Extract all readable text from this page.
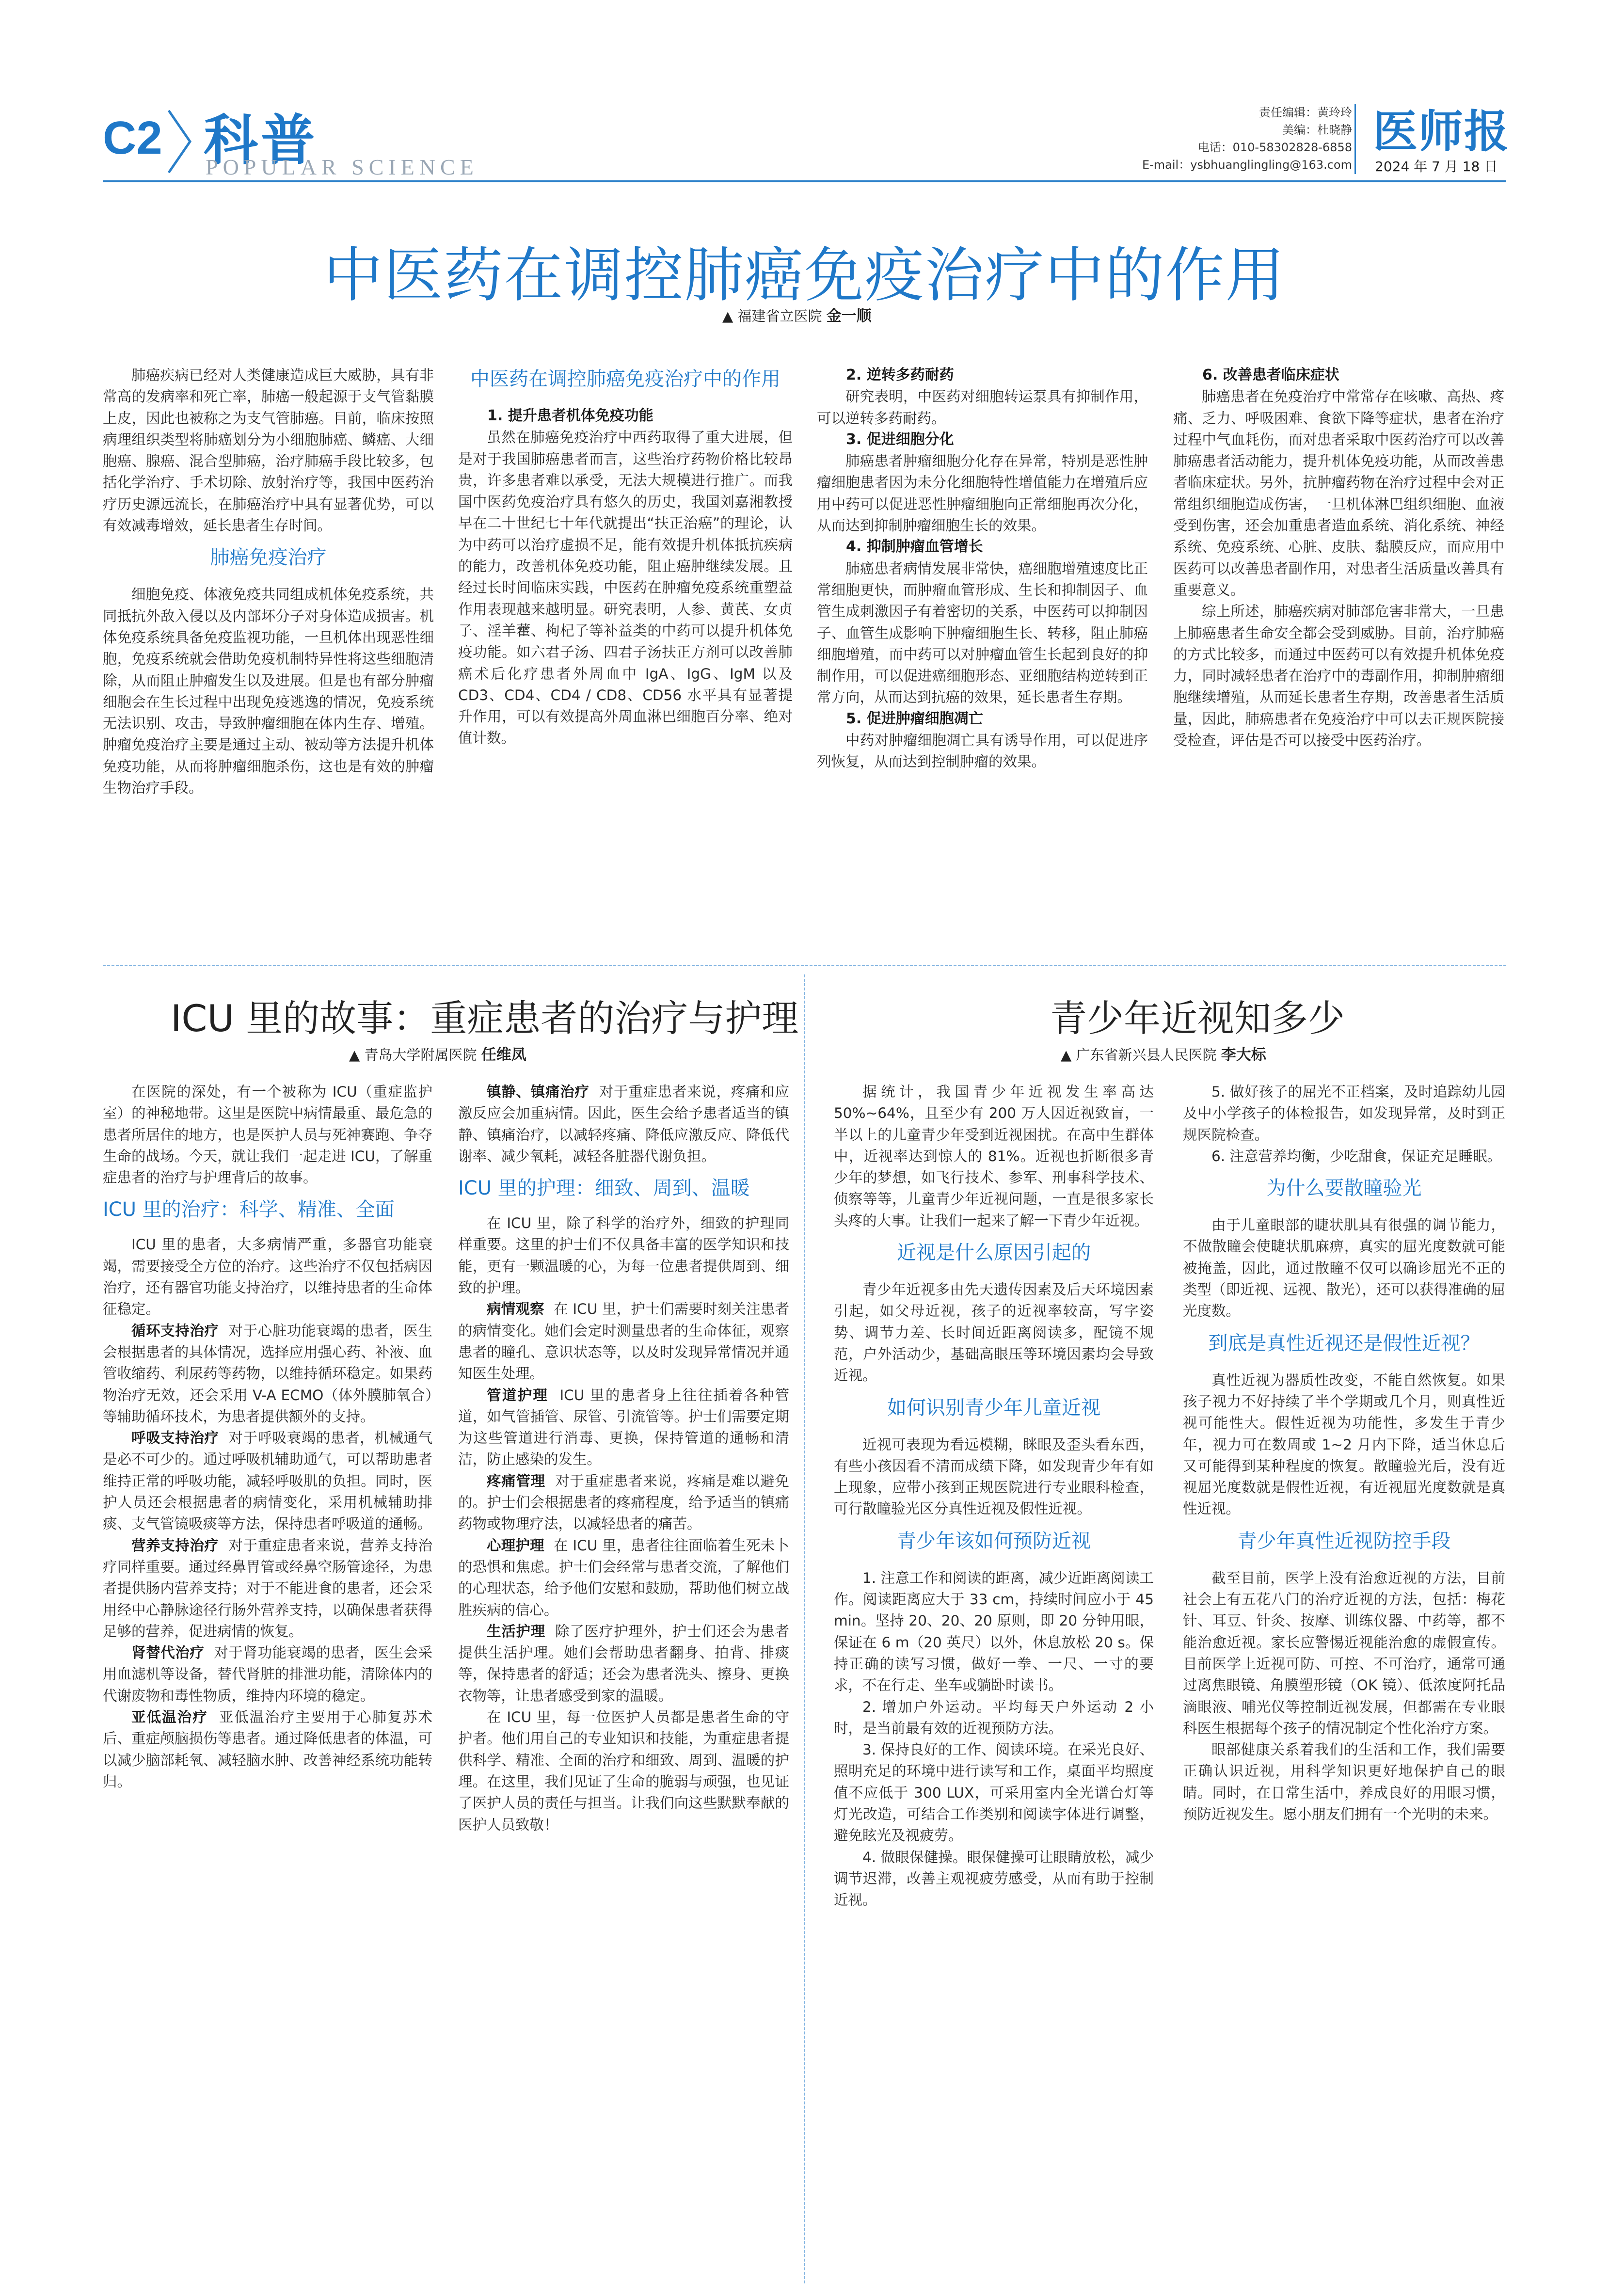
C2 科普
POPULAR SCIENCE
责任编辑：黄玲玲
美编：杜晓静
电话：010-58302828-6858
E-mail：ysbhuanglingling@163.com
医师报
2024 年 7 月 18 日
中医药在调控肺癌免疫治疗中的作用
▲ 福建省立医院 金一顺

肺癌疾病已经对人类健康造成巨大威胁，具有非常高的发病率和死亡率，肺癌一般起源于支气管黏膜上皮，因此也被称之为支气管肺癌。目前，临床按照病理组织类型将肺癌划分为小细胞肺癌、鳞癌、大细胞癌、腺癌、混合型肺癌，治疗肺癌手段比较多，包括化学治疗、手术切除、放射治疗等，我国中医药治疗历史源远流长，在肺癌治疗中具有显著优势，可以有效减毒增效，延长患者生存时间。

肺癌免疫治疗

细胞免疫、体液免疫共同组成机体免疫系统，共同抵抗外敌入侵以及内部坏分子对身体造成损害。机体免疫系统具备免疫监视功能，一旦机体出现恶性细胞，免疫系统就会借助免疫机制特异性将这些细胞清除，从而阻止肿瘤发生以及进展。但是也有部分肿瘤细胞会在生长过程中出现免疫逃逸的情况，免疫系统无法识别、攻击，导致肿瘤细胞在体内生存、增殖。肿瘤免疫治疗主要是通过主动、被动等方法提升机体免疫功能，从而将肿瘤细胞杀伤，这也是有效的肿瘤生物治疗手段。

中医药在调控肺癌免疫治疗中的作用
1. 提升患者机体免疫功能

虽然在肺癌免疫治疗中西药取得了重大进展，但是对于我国肺癌患者而言，这些治疗药物价格比较昂贵，许多患者难以承受，无法大规模进行推广。而我国中医药免疫治疗具有悠久的历史，我国刘嘉湘教授早在二十世纪七十年代就提出“扶正治癌”的理论，认为中药可以治疗虚损不足，能有效提升机体抵抗疾病的能力，改善机体免疫功能，阻止癌肿继续发展。且经过长时间临床实践，中医药在肿瘤免疫系统重塑益作用表现越来越明显。研究表明，人参、黄芪、女贞子、淫羊藿、枸杞子等补益类的中药可以提升机体免疫功能。如六君子汤、四君子汤扶正方剂可以改善肺癌术后化疗患者外周血中 IgA、IgG、IgM 以及 CD3、CD4、CD4 / CD8、CD56 水平具有显著提升作用，可以有效提高外周血淋巴细胞百分率、绝对值计数。

2. 逆转多药耐药

研究表明，中医药对细胞转运泵具有抑制作用，可以逆转多药耐药。

3. 促进细胞分化

肺癌患者肿瘤细胞分化存在异常，特别是恶性肿瘤细胞患者因为未分化细胞特性增值能力在增殖后应用中药可以促进恶性肿瘤细胞向正常细胞再次分化，从而达到抑制肿瘤细胞生长的效果。

4. 抑制肿瘤血管增长

肺癌患者病情发展非常快，癌细胞增殖速度比正常细胞更快，而肿瘤血管形成、生长和抑制因子、血管生成刺激因子有着密切的关系，中医药可以抑制因子、血管生成影响下肿瘤细胞生长、转移，阻止肺癌细胞增殖，而中药可以对肿瘤血管生长起到良好的抑制作用，可以促进癌细胞形态、亚细胞结构逆转到正常方向，从而达到抗癌的效果，延长患者生存期。

5. 促进肿瘤细胞凋亡

中药对肿瘤细胞凋亡具有诱导作用，可以促进序列恢复，从而达到控制肿瘤的效果。

6. 改善患者临床症状

肺癌患者在免疫治疗中常常存在咳嗽、高热、疼痛、乏力、呼吸困难、食欲下降等症状，患者在治疗过程中气血耗伤，而对患者采取中医药治疗可以改善肺癌患者活动能力，提升机体免疫功能，从而改善患者临床症状。另外，抗肿瘤药物在治疗过程中会对正常组织细胞造成伤害，一旦机体淋巴组织细胞、血液受到伤害，还会加重患者造血系统、消化系统、神经系统、免疫系统、心脏、皮肤、黏膜反应，而应用中医药可以改善患者副作用，对患者生活质量改善具有重要意义。

综上所述，肺癌疾病对肺部危害非常大，一旦患上肺癌患者生命安全都会受到威胁。目前，治疗肺癌的方式比较多，而通过中医药可以有效提升机体免疫力，同时减轻患者在治疗中的毒副作用，抑制肿瘤细胞继续增殖，从而延长患者生存期，改善患者生活质量，因此，肺癌患者在免疫治疗中可以去正规医院接受检查，评估是否可以接受中医药治疗。

ICU 里的故事：重症患者的治疗与护理
▲ 青岛大学附属医院 任维凤

在医院的深处，有一个被称为 ICU（重症监护室）的神秘地带。这里是医院中病情最重、最危急的患者所居住的地方，也是医护人员与死神赛跑、争夺生命的战场。今天，就让我们一起走进 ICU，了解重症患者的治疗与护理背后的故事。

ICU 里的治疗：科学、精准、全面

ICU 里的患者，大多病情严重，多器官功能衰竭，需要接受全方位的治疗。这些治疗不仅包括病因治疗，还有器官功能支持治疗，以维持患者的生命体征稳定。

循环支持治疗 对于心脏功能衰竭的患者，医生会根据患者的具体情况，选择应用强心药、补液、血管收缩药、利尿药等药物，以维持循环稳定。如果药物治疗无效，还会采用 V-A ECMO（体外膜肺氧合）等辅助循环技术，为患者提供额外的支持。

呼吸支持治疗 对于呼吸衰竭的患者，机械通气是必不可少的。通过呼吸机辅助通气，可以帮助患者维持正常的呼吸功能，减轻呼吸肌的负担。同时，医护人员还会根据患者的病情变化，采用机械辅助排痰、支气管镜吸痰等方法，保持患者呼吸道的通畅。

营养支持治疗 对于重症患者来说，营养支持治疗同样重要。通过经鼻胃管或经鼻空肠管途径，为患者提供肠内营养支持；对于不能进食的患者，还会采用经中心静脉途径行肠外营养支持，以确保患者获得足够的营养，促进病情的恢复。

肾替代治疗 对于肾功能衰竭的患者，医生会采用血滤机等设备，替代肾脏的排泄功能，清除体内的代谢废物和毒性物质，维持内环境的稳定。

亚低温治疗 亚低温治疗主要用于心肺复苏术后、重症颅脑损伤等患者。通过降低患者的体温，可以减少脑部耗氧、减轻脑水肿、改善神经系统功能转归。

镇静、镇痛治疗 对于重症患者来说，疼痛和应激反应会加重病情。因此，医生会给予患者适当的镇静、镇痛治疗，以减轻疼痛、降低应激反应、降低代谢率、减少氧耗，减轻各脏器代谢负担。

ICU 里的护理：细致、周到、温暖

在 ICU 里，除了科学的治疗外，细致的护理同样重要。这里的护士们不仅具备丰富的医学知识和技能，更有一颗温暖的心，为每一位患者提供周到、细致的护理。

病情观察 在 ICU 里，护士们需要时刻关注患者的病情变化。她们会定时测量患者的生命体征，观察患者的瞳孔、意识状态等，以及时发现异常情况并通知医生处理。

管道护理 ICU 里的患者身上往往插着各种管道，如气管插管、尿管、引流管等。护士们需要定期为这些管道进行消毒、更换，保持管道的通畅和清洁，防止感染的发生。

疼痛管理 对于重症患者来说，疼痛是难以避免的。护士们会根据患者的疼痛程度，给予适当的镇痛药物或物理疗法，以减轻患者的痛苦。

心理护理 在 ICU 里，患者往往面临着生死未卜的恐惧和焦虑。护士们会经常与患者交流，了解他们的心理状态，给予他们安慰和鼓励，帮助他们树立战胜疾病的信心。

生活护理 除了医疗护理外，护士们还会为患者提供生活护理。她们会帮助患者翻身、拍背、排痰等，保持患者的舒适；还会为患者洗头、擦身、更换衣物等，让患者感受到家的温暖。

在 ICU 里，每一位医护人员都是患者生命的守护者。他们用自己的专业知识和技能，为重症患者提供科学、精准、全面的治疗和细致、周到、温暖的护理。在这里，我们见证了生命的脆弱与顽强，也见证了医护人员的责任与担当。让我们向这些默默奉献的医护人员致敬！

青少年近视知多少
▲ 广东省新兴县人民医院 李大标

据统计，我国青少年近视发生率高达 50%~64%，且至少有 200 万人因近视致盲，一半以上的儿童青少年受到近视困扰。在高中生群体中，近视率达到惊人的 81%。近视也折断很多青少年的梦想，如飞行技术、参军、刑事科学技术、侦察等等，儿童青少年近视问题，一直是很多家长头疼的大事。让我们一起来了解一下青少年近视。

近视是什么原因引起的

青少年近视多由先天遗传因素及后天环境因素引起，如父母近视，孩子的近视率较高，写字姿势、调节力差、长时间近距离阅读多，配镜不规范，户外活动少，基础高眼压等环境因素均会导致近视。

如何识别青少年儿童近视

近视可表现为看远模糊，眯眼及歪头看东西，有些小孩因看不清而成绩下降，如发现青少年有如上现象，应带小孩到正规医院进行专业眼科检查，可行散瞳验光区分真性近视及假性近视。

青少年该如何预防近视

1. 注意工作和阅读的距离，减少近距离阅读工作。阅读距离应大于 33 cm，持续时间应小于 45 min。坚持 20、20、20 原则，即 20 分钟用眼，保证在 6 m（20 英尺）以外，休息放松 20 s。保持正确的读写习惯，做好一拳、一尺、一寸的要求，不在行走、坐车或躺卧时读书。

2. 增加户外运动。平均每天户外运动 2 小时，是当前最有效的近视预防方法。

3. 保持良好的工作、阅读环境。在采光良好、照明充足的环境中进行读写和工作，桌面平均照度值不应低于 300 LUX，可采用室内全光谱台灯等灯光改造，可结合工作类别和阅读字体进行调整，避免眩光及视疲劳。

4. 做眼保健操。眼保健操可让眼睛放松，减少调节迟滞，改善主观视疲劳感受，从而有助于控制近视。

5. 做好孩子的屈光不正档案，及时追踪幼儿园及中小学孩子的体检报告，如发现异常，及时到正规医院检查。

6. 注意营养均衡，少吃甜食，保证充足睡眠。

为什么要散瞳验光

由于儿童眼部的睫状肌具有很强的调节能力，不做散瞳会使睫状肌麻痹，真实的屈光度数就可能被掩盖，因此，通过散瞳不仅可以确诊屈光不正的类型（即近视、远视、散光），还可以获得准确的屈光度数。

到底是真性近视还是假性近视？

真性近视为器质性改变，不能自然恢复。如果孩子视力不好持续了半个学期或几个月，则真性近视可能性大。假性近视为功能性，多发生于青少年，视力可在数周或 1~2 月内下降，适当休息后又可能得到某种程度的恢复。散瞳验光后，没有近视屈光度数就是假性近视，有近视屈光度数就是真性近视。

青少年真性近视防控手段

截至目前，医学上没有治愈近视的方法，目前社会上有五花八门的治疗近视的方法，包括：梅花针、耳豆、针灸、按摩、训练仪器、中药等，都不能治愈近视。家长应警惕近视能治愈的虚假宣传。目前医学上近视可防、可控、不可治疗，通常可通过离焦眼镜、角膜塑形镜（OK 镜）、低浓度阿托品滴眼液、哺光仪等控制近视发展，但都需在专业眼科医生根据每个孩子的情况制定个性化治疗方案。

眼部健康关系着我们的生活和工作，我们需要正确认识近视，用科学知识更好地保护自己的眼睛。同时，在日常生活中，养成良好的用眼习惯，预防近视发生。愿小朋友们拥有一个光明的未来。
